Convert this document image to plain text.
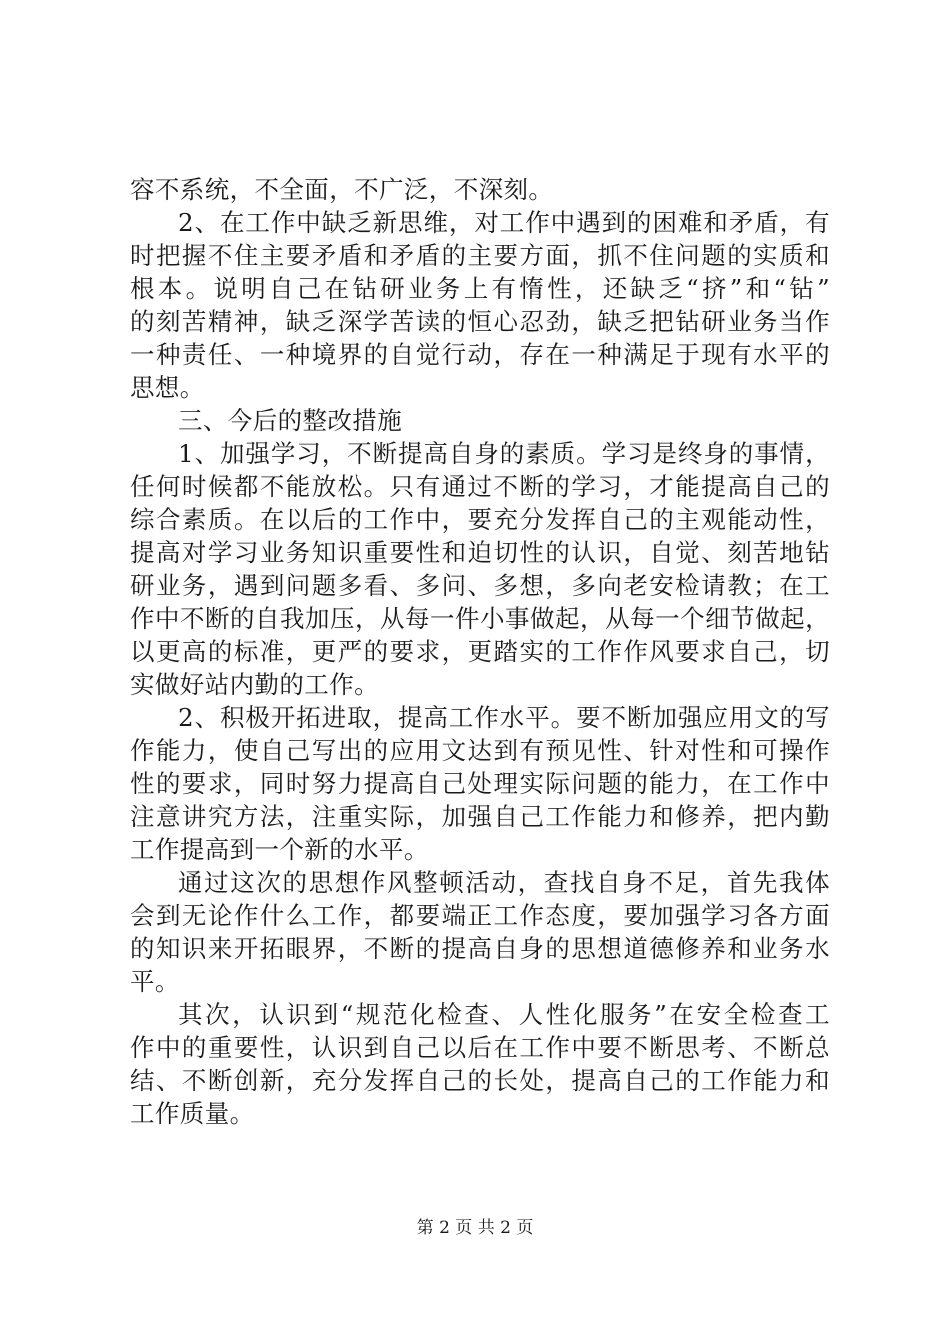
容不系统，不全面，不广泛，不深刻。
2、在工作中缺乏新思维，对工作中遇到的困难和矛盾，有
时把握不住主要矛盾和矛盾的主要方面，抓不住问题的实质和
根本。说明自己在钻研业务上有惰性，还缺乏“挤”和“钻”
的刻苦精神，缺乏深学苦读的恒心忍劲，缺乏把钻研业务当作
一种责任、一种境界的自觉行动，存在一种满足于现有水平的
思想。
三、今后的整改措施
1、加强学习，不断提高自身的素质。学习是终身的事情，
任何时候都不能放松。只有通过不断的学习，才能提高自己的
综合素质。在以后的工作中，要充分发挥自己的主观能动性，
提高对学习业务知识重要性和迫切性的认识，自觉、刻苦地钻
研业务，遇到问题多看、多问、多想，多向老安检请教；在工
作中不断的自我加压，从每一件小事做起，从每一个细节做起，
以更高的标准，更严的要求，更踏实的工作作风要求自己，切
实做好站内勤的工作。
2、积极开拓进取，提高工作水平。要不断加强应用文的写
作能力，使自己写出的应用文达到有预见性、针对性和可操作
性的要求，同时努力提高自己处理实际问题的能力，在工作中
注意讲究方法，注重实际，加强自己工作能力和修养，把内勤
工作提高到一个新的水平。
通过这次的思想作风整顿活动，查找自身不足，首先我体
会到无论作什么工作，都要端正工作态度，要加强学习各方面
的知识来开拓眼界，不断的提高自身的思想道德修养和业务水
平。
其次，认识到“规范化检查、人性化服务”在安全检查工
作中的重要性，认识到自己以后在工作中要不断思考、不断总
结、不断创新，充分发挥自己的长处，提高自己的工作能力和
工作质量。
第 2 页 共 2 页
